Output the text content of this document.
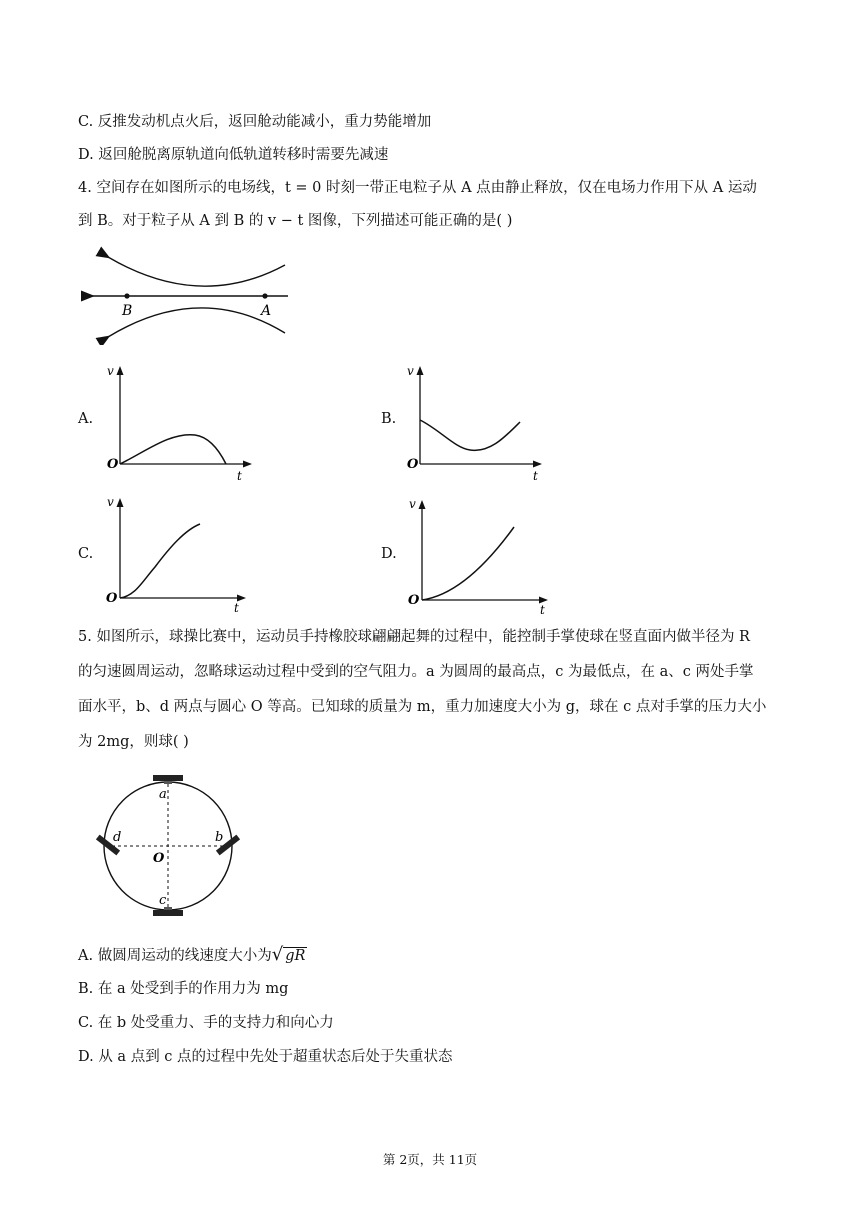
C. 反推发动机点火后，返回舱动能减小，重力势能增加
D. 返回舱脱离原轨道向低轨道转移时需要先减速
4. 空间存在如图所示的电场线，t = 0 时刻一带正电粒子从 A 点由静止释放，仅在电场力作用下从 A 运动
到 B。对于粒子从 A 到 B 的 v − t 图像，下列描述可能正确的是( )
B	A
A.
v
t
O
B.
v
t
O
C.
v
t
O
D.
v
t
O
5. 如图所示，球操比赛中，运动员手持橡胶球翩翩起舞的过程中，能控制手掌使球在竖直面内做半径为 R
的匀速圆周运动，忽略球运动过程中受到的空气阻力。a 为圆周的最高点，c 为最低点，在 a、c 两处手掌
面水平，b、d 两点与圆心 O 等高。已知球的质量为 m，重力加速度大小为 g，球在 c 点对手掌的压力大小
为 2mg，则球( )
a
b
c
d
O
A. 做圆周运动的线速度大小为√ gR
B. 在 a 处受到手的作用力为 mg
C. 在 b 处受重力、手的支持力和向心力
D. 从 a 点到 c 点的过程中先处于超重状态后处于失重状态
第 2页，共 11页
